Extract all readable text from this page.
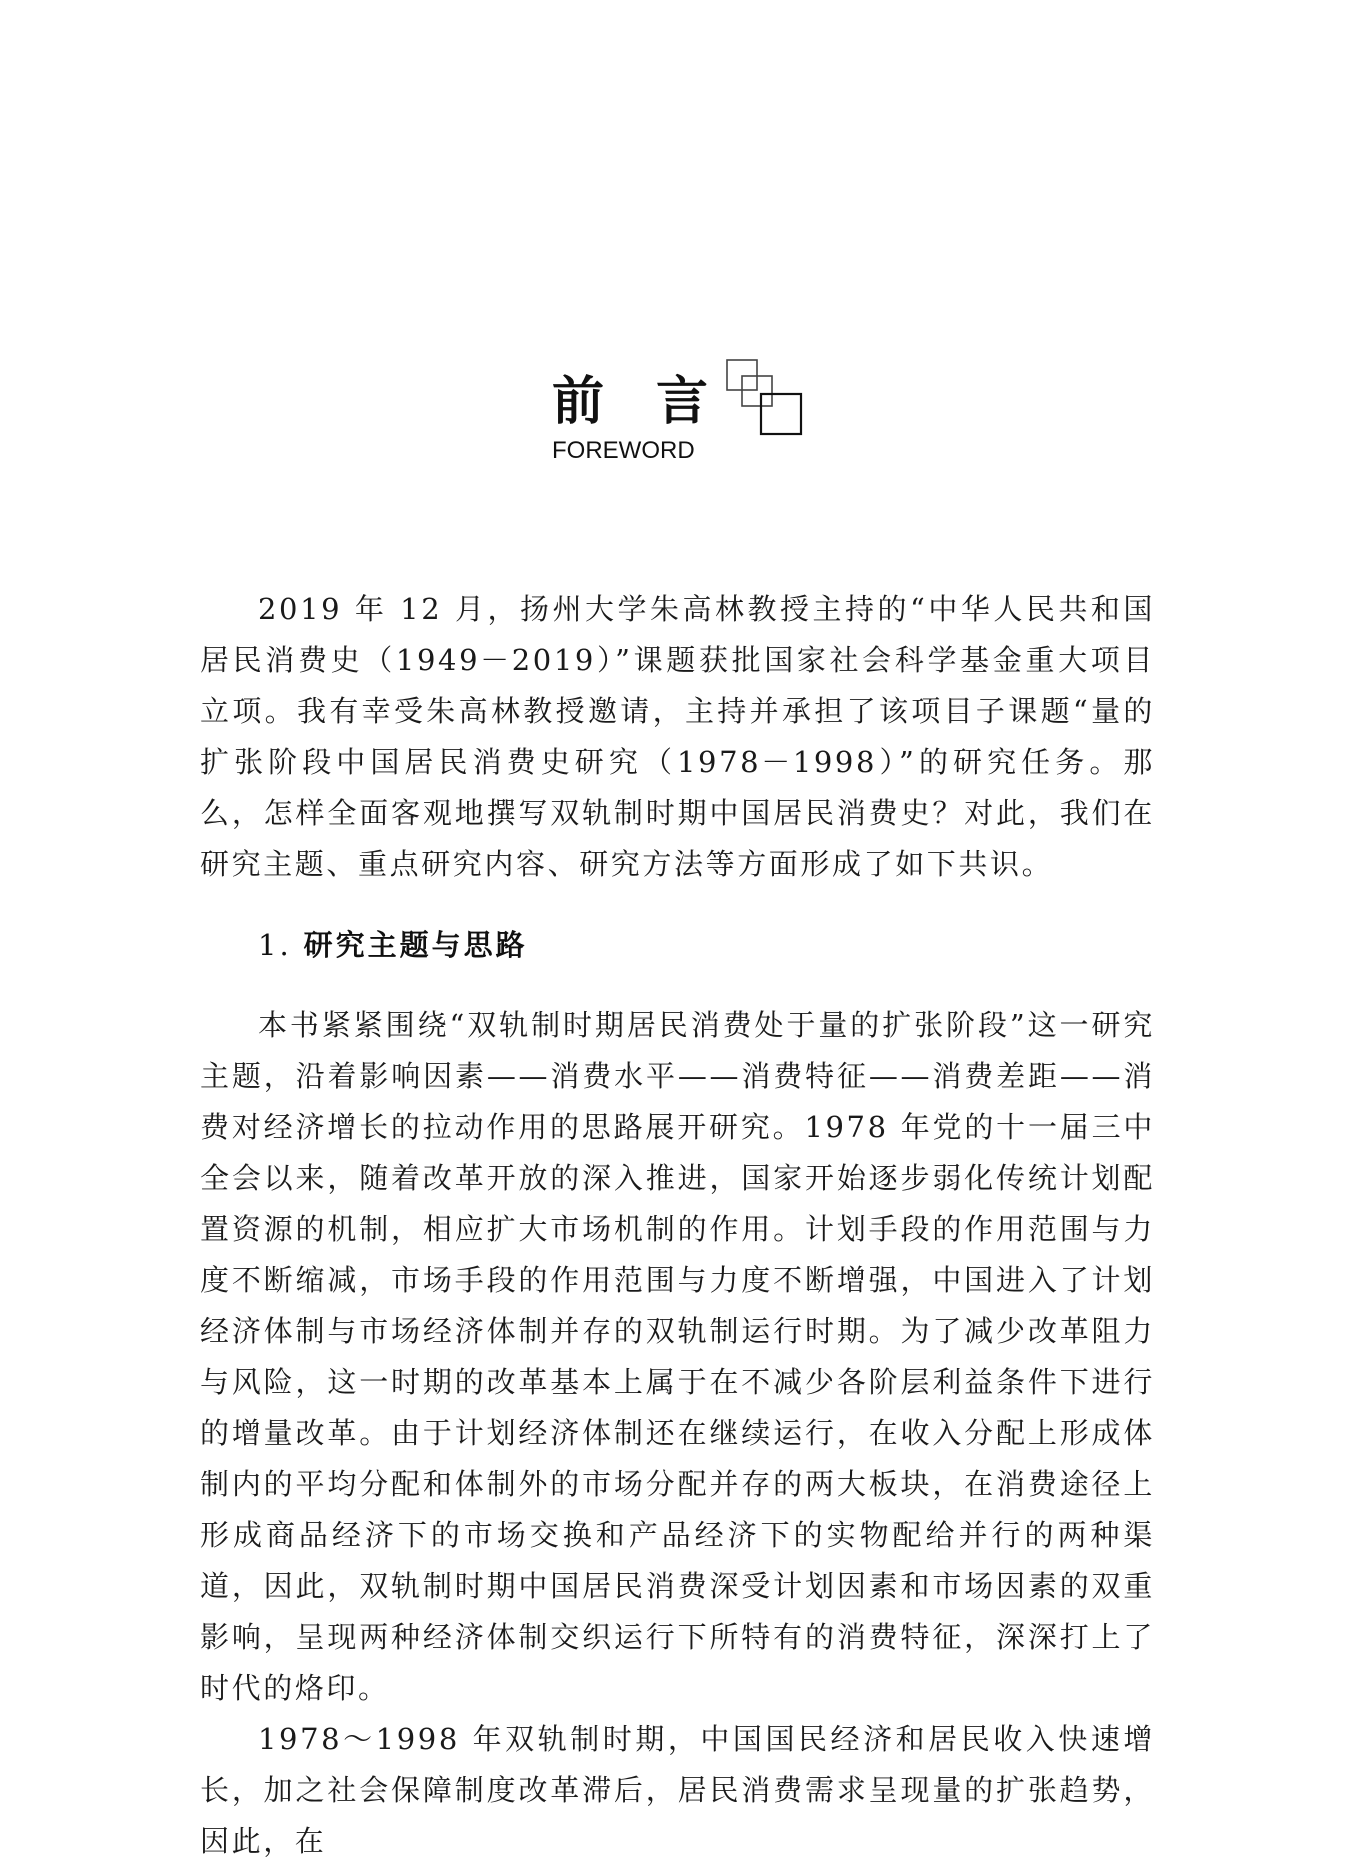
前言
FOREWORD

2019 年 12 月，扬州大学朱高林教授主持的“中华人民共和国居民消费史（1949－2019）”课题获批国家社会科学基金重大项目立项。我有幸受朱高林教授邀请，主持并承担了该项目子课题“量的扩张阶段中国居民消费史研究（1978－1998）”的研究任务。那么，怎样全面客观地撰写双轨制时期中国居民消费史？对此，我们在研究主题、重点研究内容、研究方法等方面形成了如下共识。

1. 研究主题与思路

本书紧紧围绕“双轨制时期居民消费处于量的扩张阶段”这一研究主题，沿着影响因素——消费水平——消费特征——消费差距——消费对经济增长的拉动作用的思路展开研究。1978 年党的十一届三中全会以来，随着改革开放的深入推进，国家开始逐步弱化传统计划配置资源的机制，相应扩大市场机制的作用。计划手段的作用范围与力度不断缩减，市场手段的作用范围与力度不断增强，中国进入了计划经济体制与市场经济体制并存的双轨制运行时期。为了减少改革阻力与风险，这一时期的改革基本上属于在不减少各阶层利益条件下进行的增量改革。由于计划经济体制还在继续运行，在收入分配上形成体制内的平均分配和体制外的市场分配并存的两大板块，在消费途径上形成商品经济下的市场交换和产品经济下的实物配给并行的两种渠道，因此，双轨制时期中国居民消费深受计划因素和市场因素的双重影响，呈现两种经济体制交织运行下所特有的消费特征，深深打上了时代的烙印。

1978～1998 年双轨制时期，中国国民经济和居民收入快速增长，加之社会保障制度改革滞后，居民消费需求呈现量的扩张趋势，因此，在
